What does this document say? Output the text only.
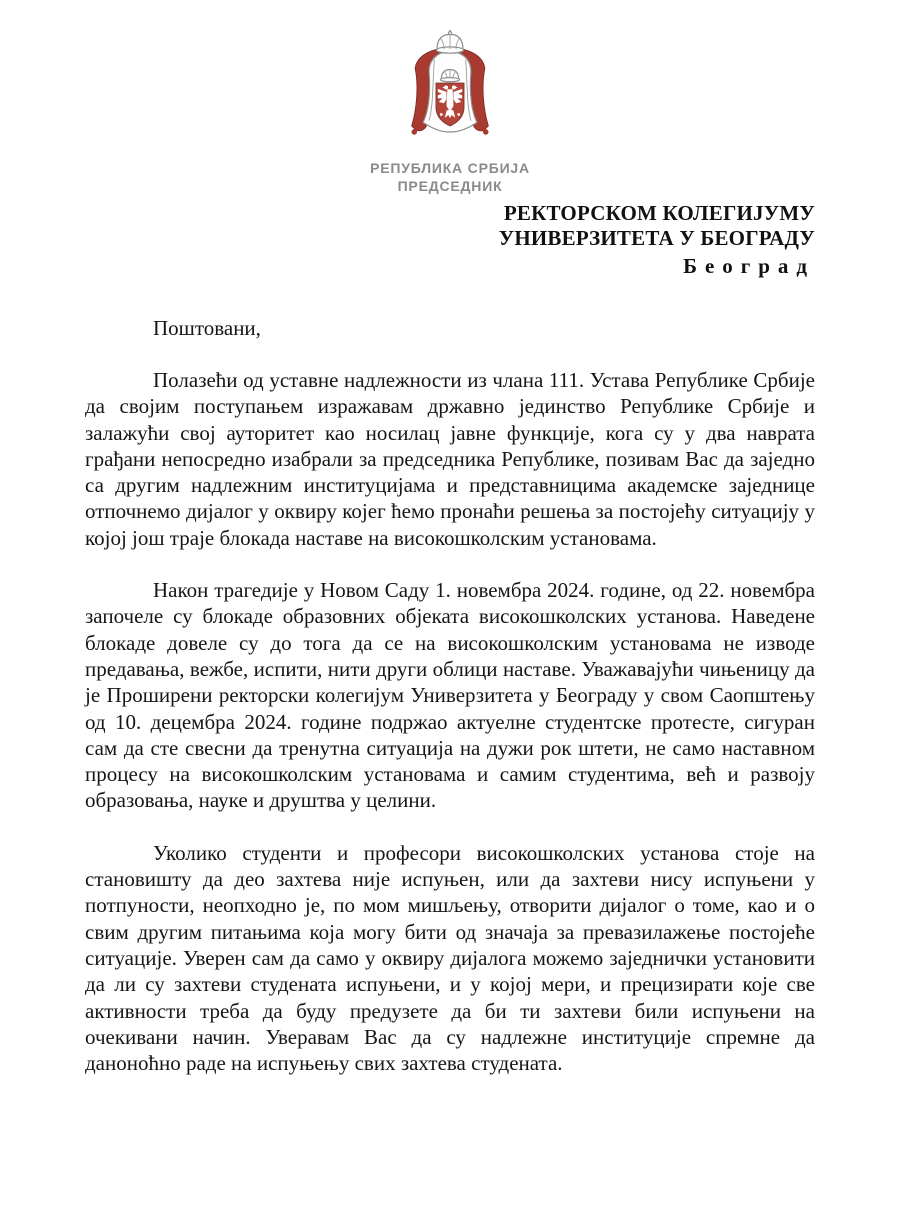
РЕПУБЛИКА СРБИЈА
ПРЕДСЕДНИК
РЕКТОРСКОМ КОЛЕГИЈУМУ
УНИВЕРЗИТЕТА У БЕОГРАДУ
Београд

Поштовани,

Полазећи од уставне надлежности из члана 111. Устава Републике Србије да својим поступањем изражавам државно јединство Републике Србије и залажући свој ауторитет као носилац јавне функције, кога су у два наврата грађани непосредно изабрали за председника Републике, позивам Вас да заједно са другим надлежним институцијама и представницима академске заједнице отпочнемо дијалог у оквиру којег ћемо пронаћи решења за постојећу ситуацију у којој још траје блокада наставе на високошколским установама.

Након трагедије у Новом Саду 1. новембра 2024. године, од 22. новембра започеле су блокаде образовних објеката високошколских установа. Наведене блокаде довеле су до тога да се на високошколским установама не изводе предавања, вежбе, испити, нити други облици наставе. Уважавајући чињеницу да је Проширени ректорски колегијум Универзитета у Београду у свом Саопштењу од 10. децембра 2024. године подржао актуелне студентске протесте, сигуран сам да сте свесни да тренутна ситуација на дужи рок штети, не само наставном процесу на високошколским установама и самим студентима, већ и развоју образовања, науке и друштва у целини.

Уколико студенти и професори високошколских установа стоје на становишту да део захтева није испуњен, или да захтеви нису испуњени у потпуности, неопходно је, по мом мишљењу, отворити дијалог о томе, као и о свим другим питањима која могу бити од значаја за превазилажење постојеће ситуације. Уверен сам да само у оквиру дијалога можемо заједнички установити да ли су захтеви студената испуњени, и у којој мери, и прецизирати које све активности треба да буду предузете да би ти захтеви били испуњени на очекивани начин. Уверавам Вас да су надлежне институције спремне да даноноћно раде на испуњењу свих захтева студената.
